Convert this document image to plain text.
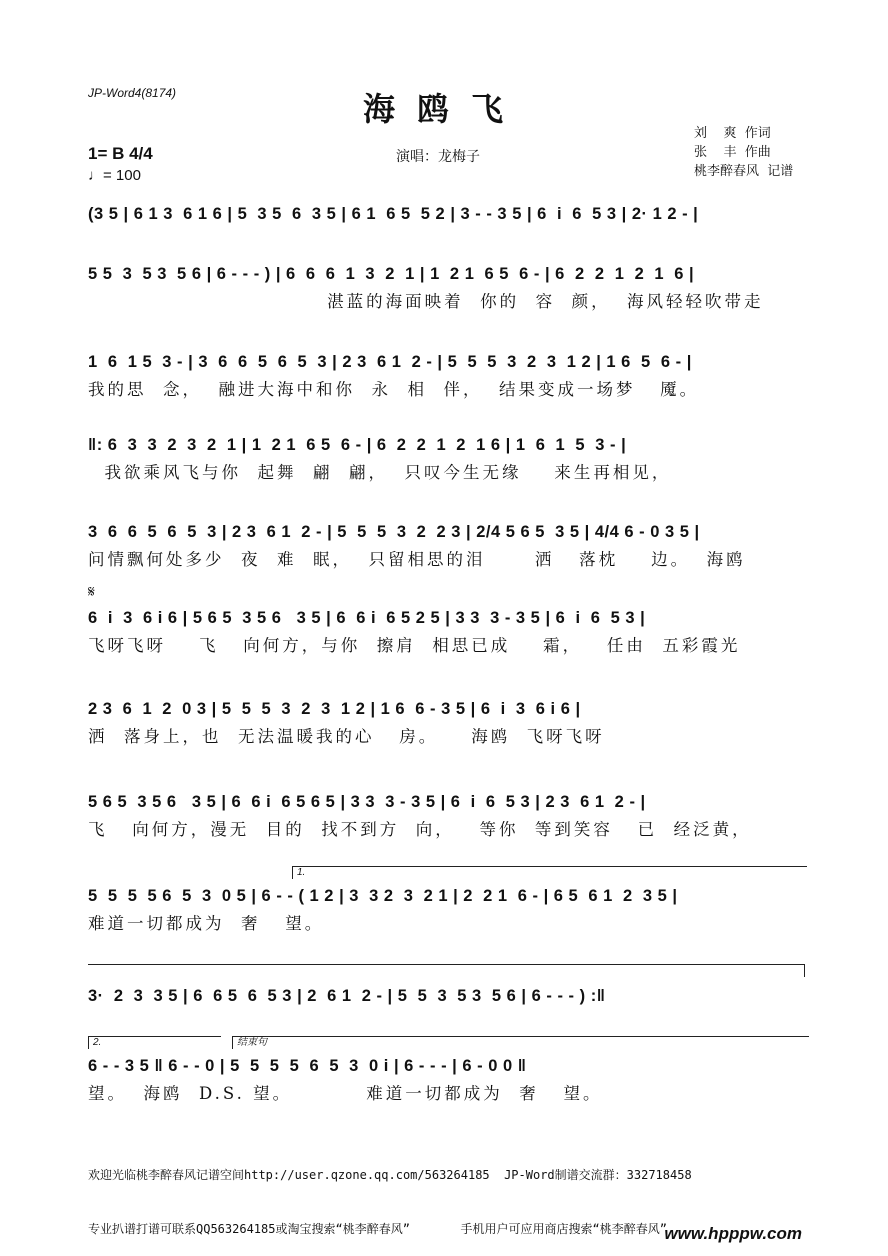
JP-Word4(8174)	海鸥飞
1= B 4/4
♩= 100
演唱：龙梅子
刘    爽  作词
张    丰  作曲
桃李醉春风  记谱
(3 5 | 6 1 3  6 1 6 | 5  3 5  6  3 5 | 6 1  6 5  5 2 | 3 - - 3 5 | 6  i  6  5 3 | 2· 1 2 - |
5 5  3  5 3  5 6 | 6 - - - ) | 6  6  6  1  3  2  1 | 1  2 1  6 5  6 - | 6  2  2  1  2  1  6 |
湛蓝的海面映着  你的  容  颜，  海风轻轻吹带走
1  6  1 5  3 - | 3  6  6  5  6  5  3 | 2 3  6 1  2 - | 5  5  5  3  2  3  1 2 | 1 6  5  6 - |
我的思  念，  融进大海中和你  永  相  伴，  结果变成一场梦   魇。
‖: 6  3  3  2  3  2  1 | 1  2 1  6 5  6 - | 6  2  2  1  2  1 6 | 1  6  1  5  3 - |
我欲乘风飞与你  起舞  翩  翩，  只叹今生无缘    来生再相见，
3  6  6  5  6  5  3 | 2 3  6 1  2 - | 5  5  5  3  2  2 3 | 2/4 5 6 5  3 5 | 4/4 6 - 0 3 5 |
问情飘何处多少  夜  难  眠，  只留相思的泪      洒   落枕    边。  海鸥
𝄋
6  i  3  6 i 6 | 5 6 5  3 5 6   3 5 | 6  6 i  6 5 2 5 | 3 3  3 - 3 5 | 6  i  6  5 3 |
飞呀飞呀    飞   向何方，与你  擦肩  相思已成    霜，   任由  五彩霞光
2 3  6  1  2  0 3 | 5  5  5  3  2  3  1 2 | 1 6  6 - 3 5 | 6  i  3  6 i 6 |
洒  落身上，也  无法温暖我的心   房。    海鸥  飞呀飞呀
5 6 5  3 5 6   3 5 | 6  6 i  6 5 6 5 | 3 3  3 - 3 5 | 6  i  6  5 3 | 2 3  6 1  2 - |
飞   向何方，漫无  目的  找不到方  向，   等你  等到笑容   已  经泛黄，
1.
5  5  5  5 6  5  3  0 5 | 6 - - ( 1 2 | 3  3 2  3  2 1 | 2  2 1  6 - | 6 5  6 1  2  3 5 |
难道一切都成为  奢   望。
3·  2  3  3 5 | 6  6 5  6  5 3 | 2  6 1  2 - | 5  5  3  5 3  5 6 | 6 - - - ) :‖
2.	结束句
6 - - 3 5 ‖ 6 - - 0 | 5  5  5  5  6  5  3  0 i | 6 - - - | 6 - 0 0 ‖
望。  海鸥  D.S. 望。         难道一切都成为  奢   望。

欢迎光临桃李醉春风记谱空间http://user.qzone.qq.com/563264185  JP-Word制谱交流群：332718458

专业扒谱打谱可联系QQ563264185或淘宝搜索“桃李醉春风”       手机用户可应用商店搜索“桃李醉春风”

www.hpppw.com
